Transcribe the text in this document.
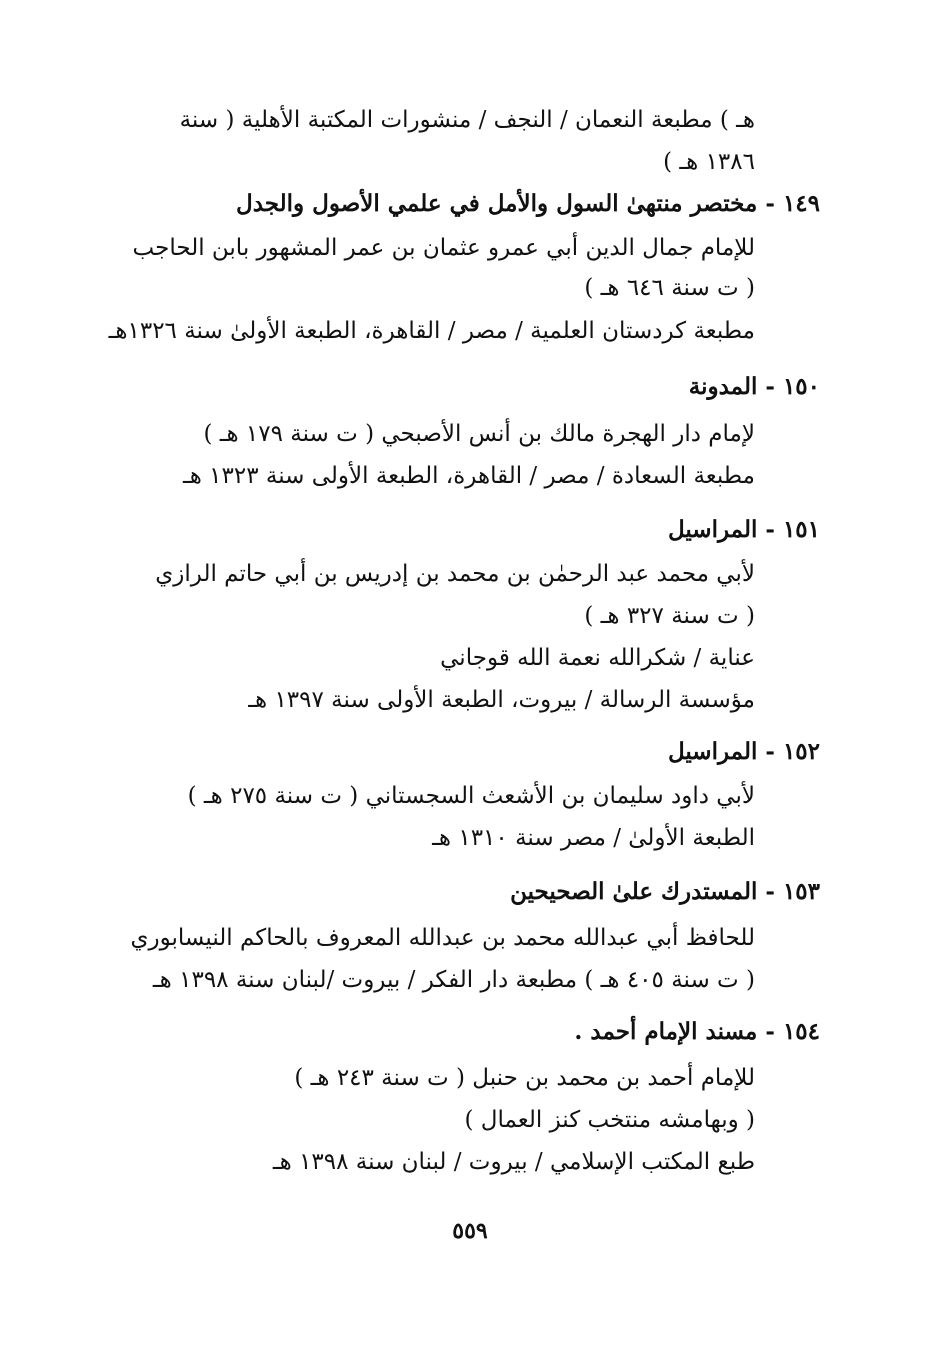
هـ ) مطبعة النعمان / النجف / منشورات المكتبة الأهلية ( سنة
١٣٨٦ هـ )
١٤٩ - مختصر منتهىٰ السول والأمل في علمي الأصول والجدل
للإمام جمال الدين أبي عمرو عثمان بن عمر المشهور بابن الحاجب
( ت سنة ٦٤٦ هـ )
مطبعة كردستان العلمية / مصر / القاهرة، الطبعة الأولىٰ سنة ١٣٢٦هـ
١٥٠ - المدونة
لإمام دار الهجرة مالك بن أنس الأصبحي ( ت سنة ١٧٩ هـ )
مطبعة السعادة / مصر / القاهرة، الطبعة الأولى سنة ١٣٢٣ هـ
١٥١ - المراسيل
لأبي محمد عبد الرحمٰن بن محمد بن إدريس بن أبي حاتم الرازي
( ت سنة ٣٢٧ هـ )
عناية / شكرالله نعمة الله قوجاني
مؤسسة الرسالة / بيروت، الطبعة الأولى سنة ١٣٩٧ هـ
١٥٢ - المراسيل
لأبي داود سليمان بن الأشعث السجستاني ( ت سنة ٢٧٥ هـ )
الطبعة الأولىٰ / مصر سنة ١٣١٠ هـ
١٥٣ - المستدرك علىٰ الصحيحين
للحافظ أبي عبدالله محمد بن عبدالله المعروف بالحاكم النيسابوري
( ت سنة ٤٠٥ هـ ) مطبعة دار الفكر / بيروت /لبنان سنة ١٣٩٨ هـ
١٥٤ - مسند الإمام أحمد .
للإمام أحمد بن محمد بن حنبل ( ت سنة ٢٤٣ هـ )
( وبهامشه منتخب كنز العمال )
طبع المكتب الإسلامي / بيروت / لبنان سنة ١٣٩٨ هـ
٥٥٩
